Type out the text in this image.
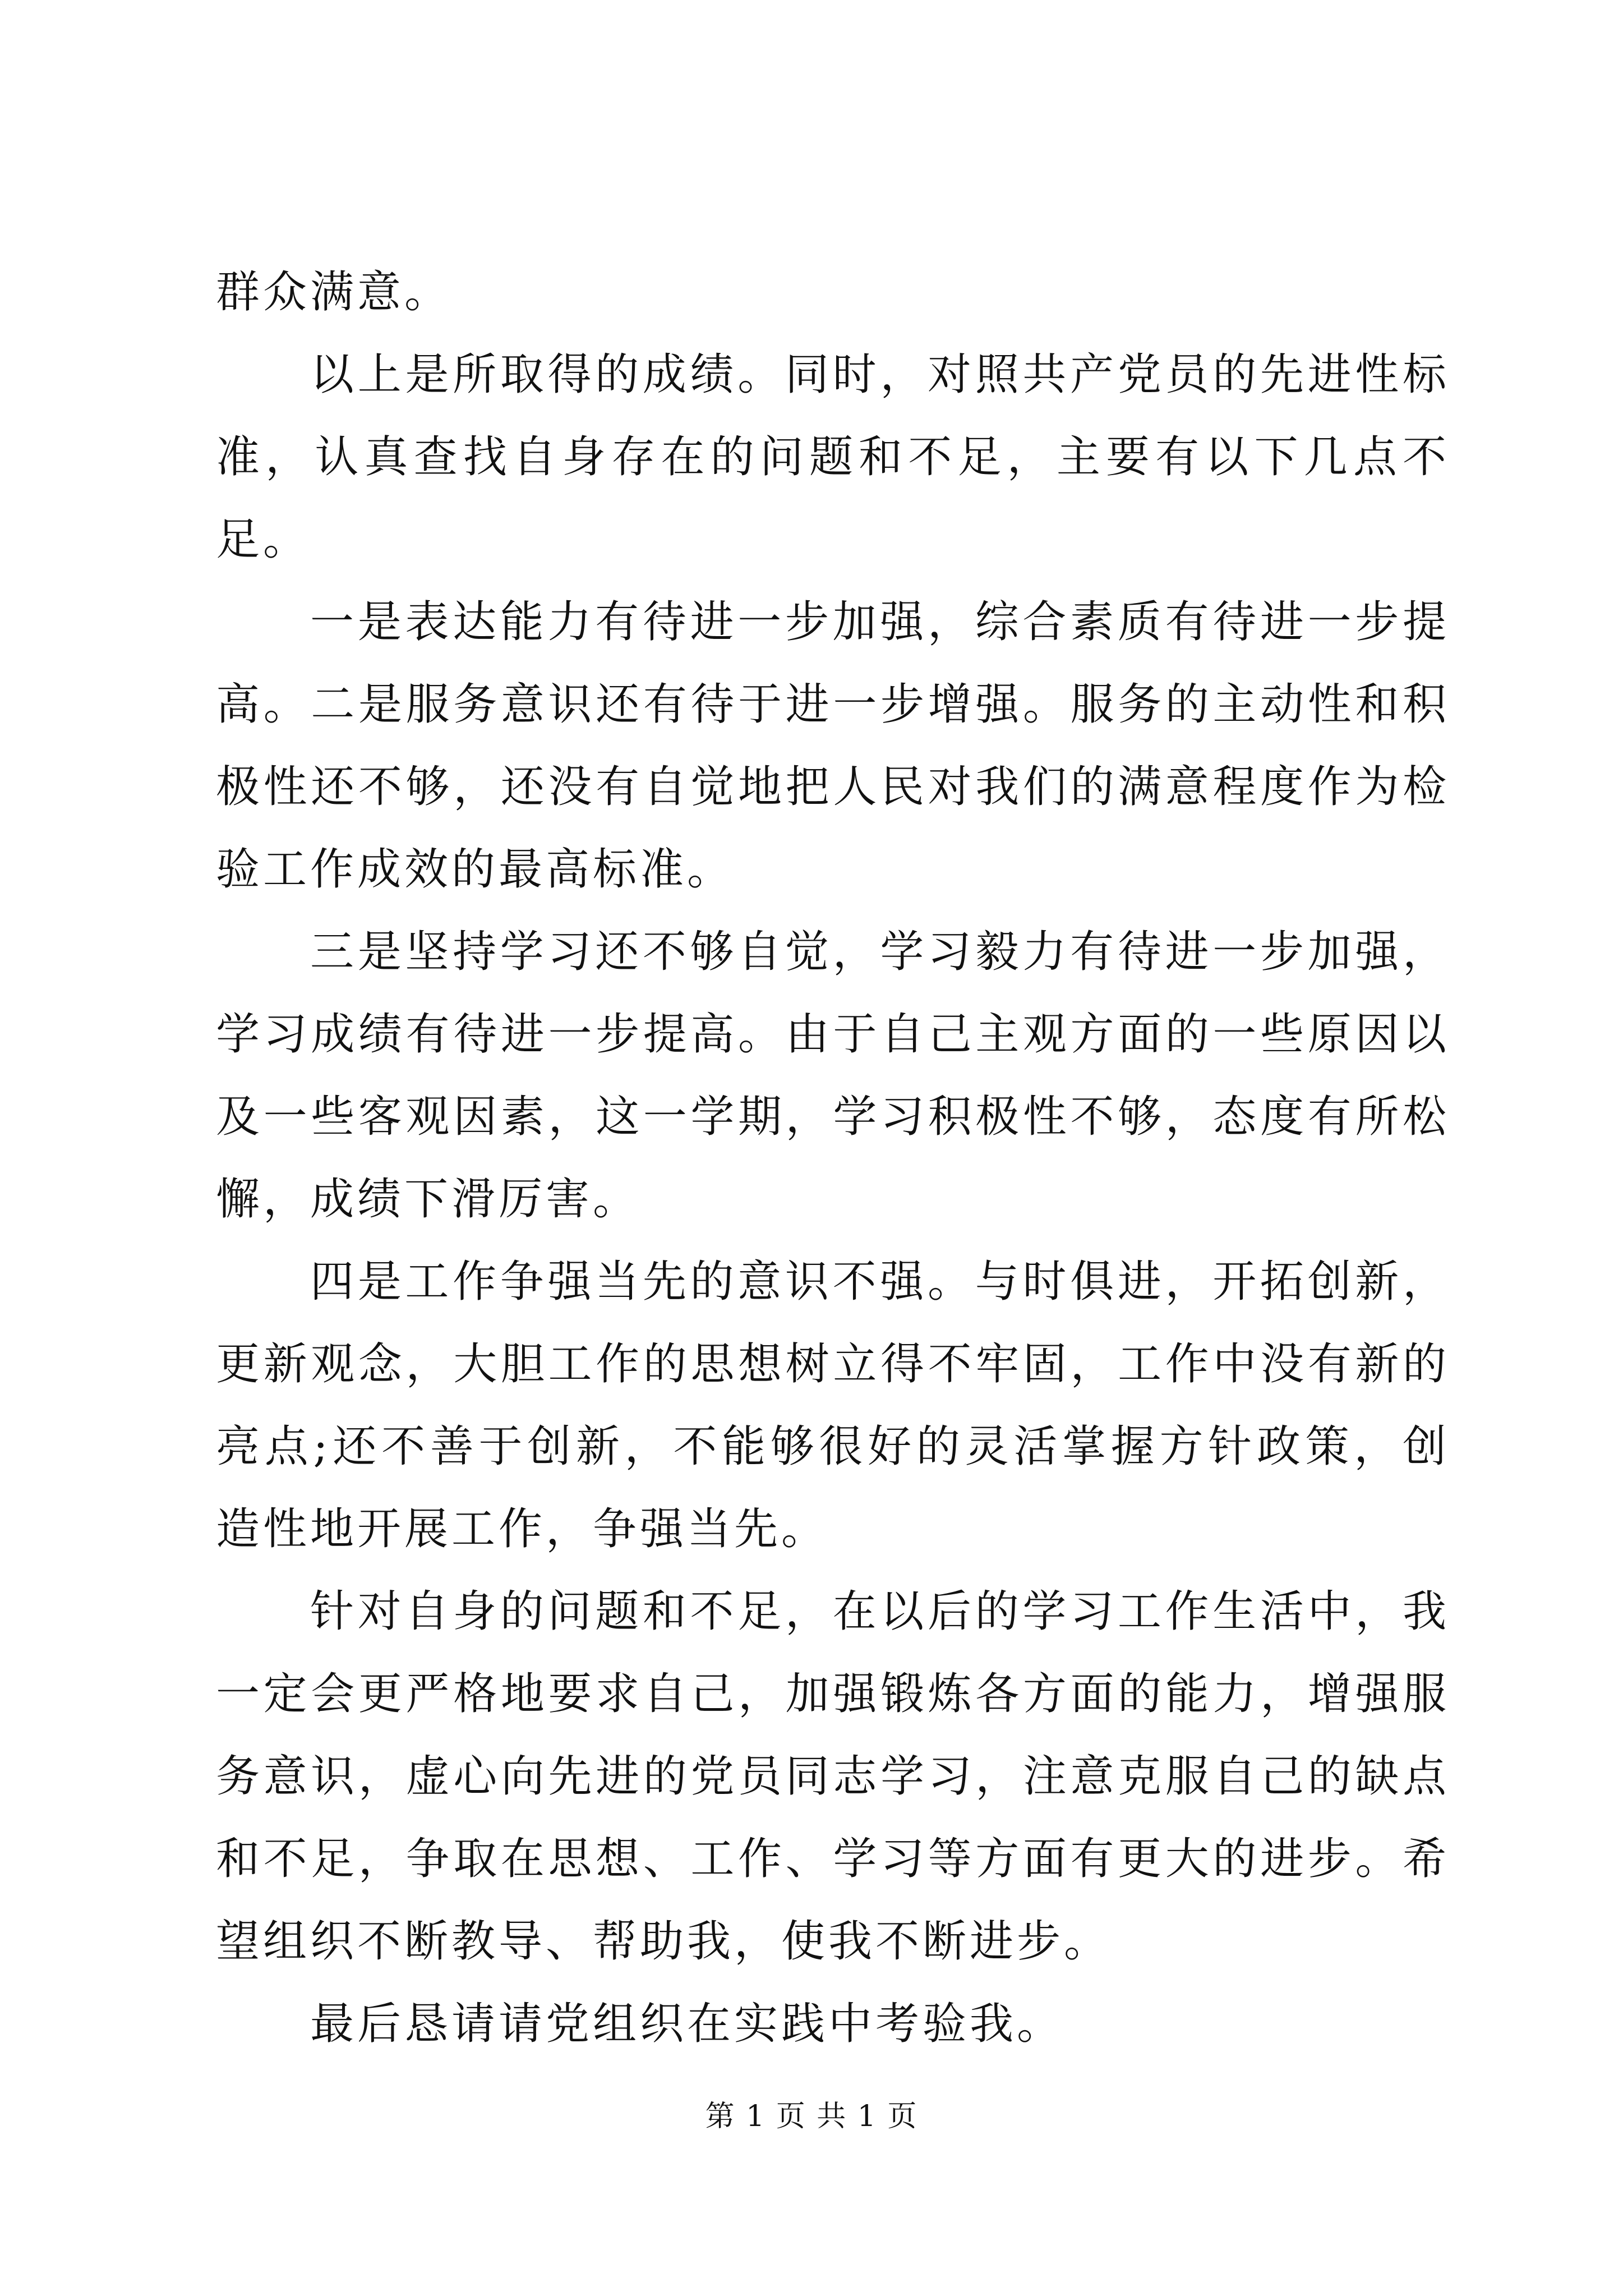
群众满意。

以上是所取得的成绩。同时，对照共产党员的先进性标准，认真查找自身存在的问题和不足，主要有以下几点不足。

一是表达能力有待进一步加强，综合素质有待进一步提高。二是服务意识还有待于进一步增强。服务的主动性和积极性还不够，还没有自觉地把人民对我们的满意程度作为检验工作成效的最高标准。

三是坚持学习还不够自觉，学习毅力有待进一步加强，学习成绩有待进一步提高。由于自己主观方面的一些原因以及一些客观因素，这一学期，学习积极性不够，态度有所松懈，成绩下滑厉害。

四是工作争强当先的意识不强。与时俱进，开拓创新，更新观念，大胆工作的思想树立得不牢固，工作中没有新的亮点;还不善于创新，不能够很好的灵活掌握方针政策，创造性地开展工作，争强当先。

针对自身的问题和不足，在以后的学习工作生活中，我一定会更严格地要求自己，加强锻炼各方面的能力，增强服务意识，虚心向先进的党员同志学习，注意克服自己的缺点和不足，争取在思想、工作、学习等方面有更大的进步。希望组织不断教导、帮助我，使我不断进步。

最后恳请请党组织在实践中考验我。

第 1 页 共 1 页
